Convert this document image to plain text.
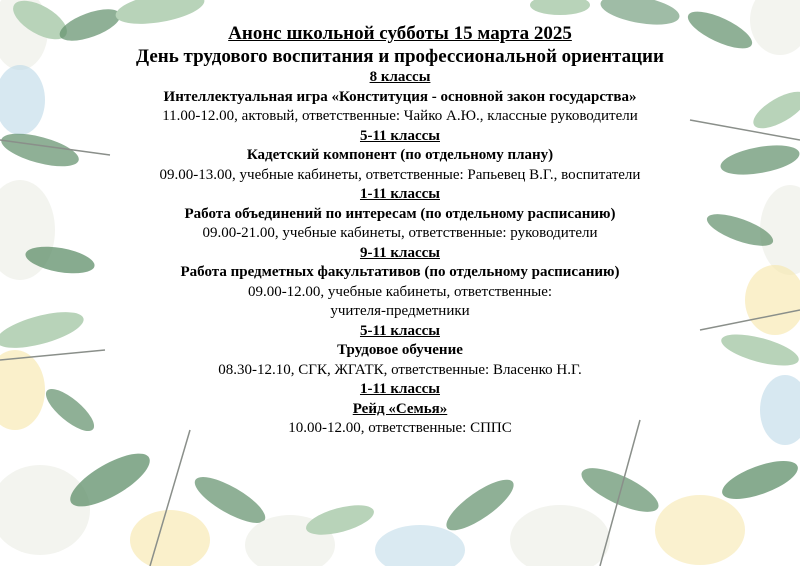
Анонс школьной субботы 15 марта 2025
День трудового воспитания и профессиональной ориентации
8 классы
Интеллектуальная игра «Конституция - основной закон государства»
11.00-12.00, актовый, ответственные: Чайко А.Ю., классные руководители
5-11 классы
Кадетский компонент (по отдельному плану)
09.00-13.00, учебные кабинеты, ответственные: Рапьевец В.Г., воспитатели
1-11 классы
Работа объединений по интересам (по отдельному расписанию)
09.00-21.00, учебные кабинеты, ответственные: руководители
9-11 классы
Работа предметных факультативов (по отдельному расписанию)
09.00-12.00, учебные кабинеты, ответственные:
учителя-предметники
5-11 классы
Трудовое обучение
08.30-12.10, СГК, ЖГАТК, ответственные: Власенко Н.Г.
1-11 классы
Рейд «Семья»
10.00-12.00, ответственные: СППС
